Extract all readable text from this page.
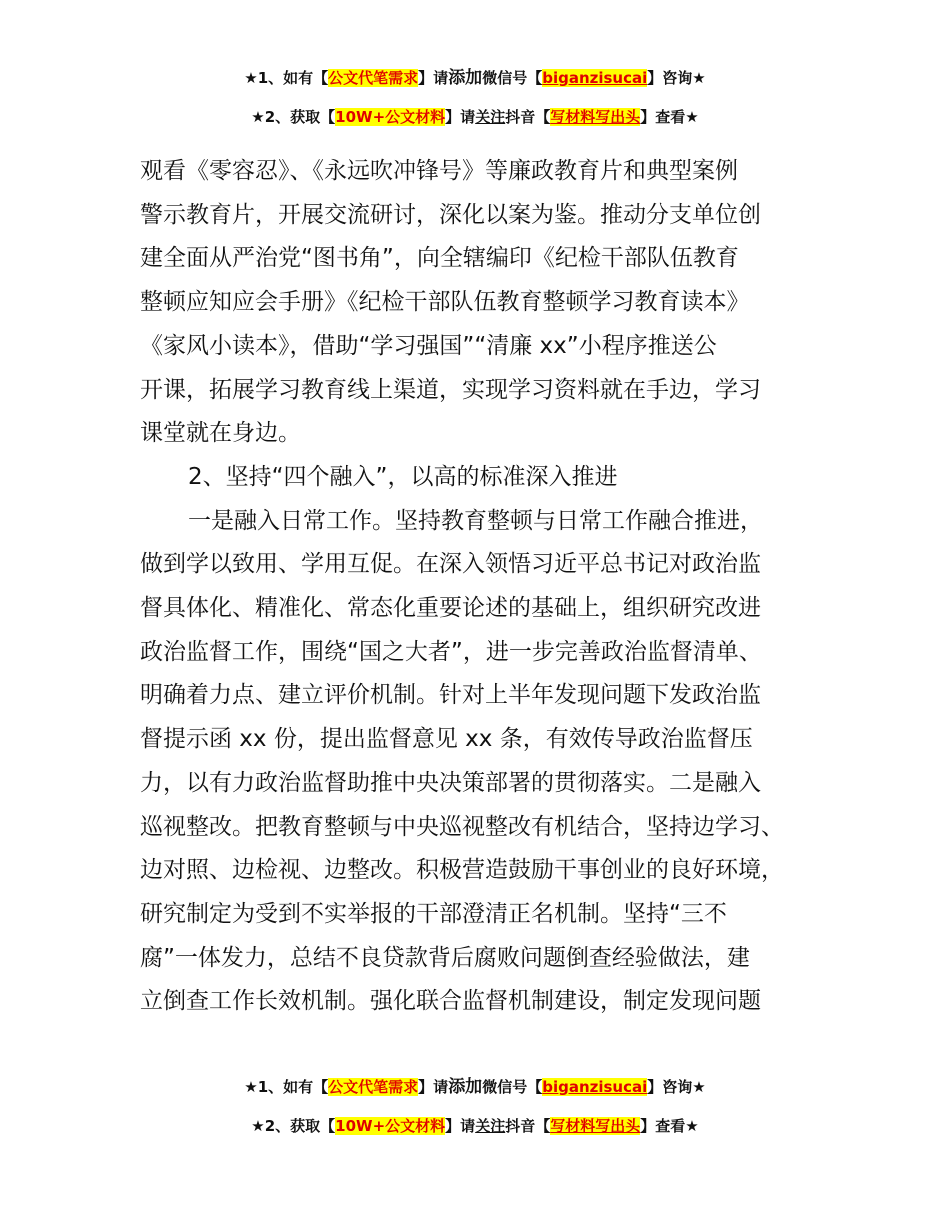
★1、如有【公文代笔需求】请添加微信号【biganzisucai】咨询★
★2、获取【10W+公文材料】请关注抖音【写材料写出头】查看★

观看《零容忍》、《永远吹冲锋号》等廉政教育片和典型案例
警示教育片，开展交流研讨，深化以案为鉴。推动分支单位创
建全面从严治党“图书角”，向全辖编印《纪检干部队伍教育
整顿应知应会手册》《纪检干部队伍教育整顿学习教育读本》
《家风小读本》，借助“学习强国”“清廉 xx”小程序推送公
开课，拓展学习教育线上渠道，实现学习资料就在手边，学习
课堂就在身边。

2、坚持“四个融入”，以高的标准深入推进

一是融入日常工作。坚持教育整顿与日常工作融合推进，
做到学以致用、学用互促。在深入领悟习近平总书记对政治监
督具体化、精准化、常态化重要论述的基础上，组织研究改进
政治监督工作，围绕“国之大者”，进一步完善政治监督清单、
明确着力点、建立评价机制。针对上半年发现问题下发政治监
督提示函 xx 份，提出监督意见 xx 条，有效传导政治监督压
力，以有力政治监督助推中央决策部署的贯彻落实。二是融入
巡视整改。把教育整顿与中央巡视整改有机结合，坚持边学习、
边对照、边检视、边整改。积极营造鼓励干事创业的良好环境，
研究制定为受到不实举报的干部澄清正名机制。坚持“三不
腐”一体发力，总结不良贷款背后腐败问题倒查经验做法，建
立倒查工作长效机制。强化联合监督机制建设，制定发现问题

★1、如有【公文代笔需求】请添加微信号【biganzisucai】咨询★
★2、获取【10W+公文材料】请关注抖音【写材料写出头】查看★
